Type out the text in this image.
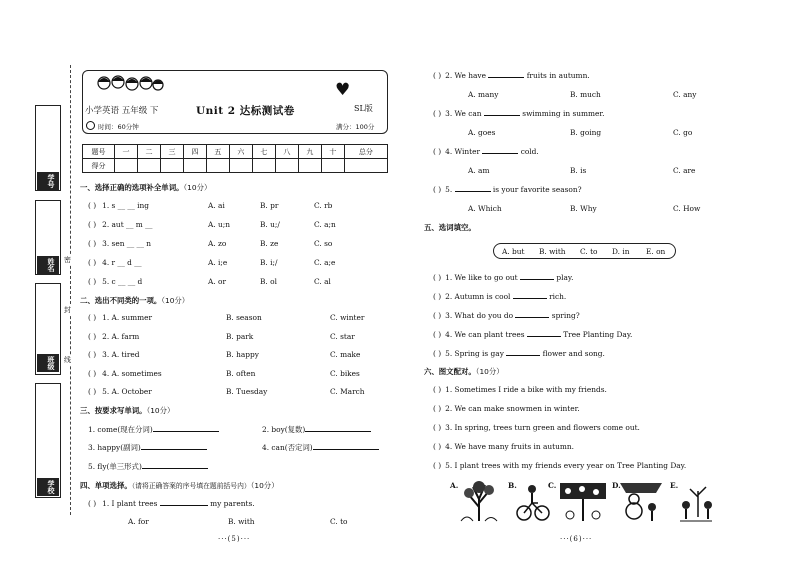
学号
姓名
班级
学校
密
封
线
小学英语 五年级 下	Unit 2 达标测试卷
♥
SL版
时间：60分钟	满分：100分
题号	一	二	三	四	五	六	七	八	九	十	总分
得分											
一、选择正确的选项补全单词。（10分）
二、选出不同类的一项。（10分）
三、按要求写单词。（10分）
1. come(现在分词)	2. boy(复数)
3. happy(副词)	4. can(否定词)
5. fly(单三形式)
四、单项选择。（请将正确答案的序号填在题前括号内）（10分）
五、选词填空。
A. but B. with C. to D. in E. on
六、图文配对。（10分）
A.	B.	C.	D.	E.
···(5)···	···(6)···
( ) 1. s __ __ ing	A. ai	B. pr	C. rb
( ) 2. aut __ m __	A. u;n	B. u;/	C. a;n
( ) 3. sen __ __ n	A. zo	B. ze	C. so
( ) 4. r __ d __	A. i;e	B. i;/	C. a;e
( ) 5. c __ __ d	A. or	B. ol	C. al
( ) 1. A. summer	B. season	C. winter
( ) 2. A. farm	B. park	C. star
( ) 3. A. tired	B. happy	C. make
( ) 4. A. sometimes	B. often	C. bikes
( ) 5. A. October	B. Tuesday	C. March
( ) 1. I plant trees	my parents.
A. for	B. with	C. to
( ) 2. We have	fruits in autumn.
A. many	B. much	C. any
( ) 3. We can	swimming in summer.
A. goes	B. going	C. go
( ) 4. Winter	cold.
A. am	B. is	C. are
( ) 5.	is your favorite season?
A. Which	B. Why	C. How
( ) 1. We like to go out	play.
( ) 2. Autumn is cool	rich.
( ) 3. What do you do	spring?
( ) 4. We can plant trees	Tree Planting Day.
( ) 5. Spring is gay	flower and song.
( ) 1. Sometimes I ride a bike with my friends.
( ) 2. We can make snowmen in winter.
( ) 3. In spring, trees turn green and flowers come out.
( ) 4. We have many fruits in autumn.
( ) 5. I plant trees with my friends every year on Tree Planting Day.
